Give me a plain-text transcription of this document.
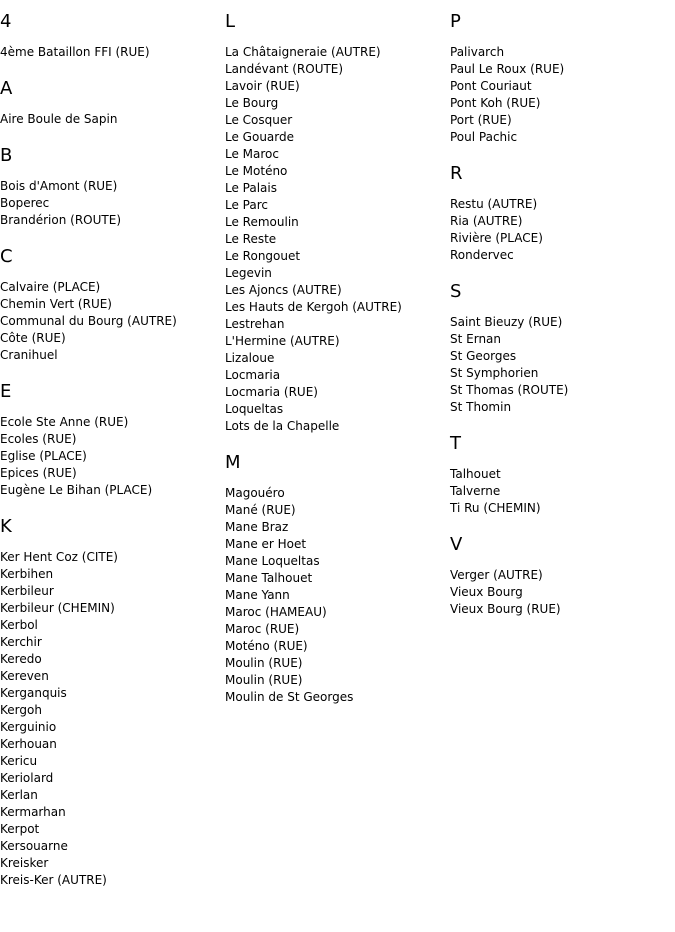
4
4ème Bataillon FFI (RUE)
A
Aire Boule de Sapin
B
Bois d'Amont (RUE)
Boperec
Brandérion (ROUTE)
C
Calvaire (PLACE)
Chemin Vert (RUE)
Communal du Bourg (AUTRE)
Côte (RUE)
Cranihuel
E
Ecole Ste Anne (RUE)
Ecoles (RUE)
Eglise (PLACE)
Epices (RUE)
Eugène Le Bihan (PLACE)
K
Ker Hent Coz (CITE)
Kerbihen
Kerbileur
Kerbileur (CHEMIN)
Kerbol
Kerchir
Keredo
Kereven
Kerganquis
Kergoh
Kerguinio
Kerhouan
Kericu
Keriolard
Kerlan
Kermarhan
Kerpot
Kersouarne
Kreisker
Kreis-Ker (AUTRE)
L
La Châtaigneraie (AUTRE)
Landévant (ROUTE)
Lavoir (RUE)
Le Bourg
Le Cosquer
Le Gouarde
Le Maroc
Le Moténo
Le Palais
Le Parc
Le Remoulin
Le Reste
Le Rongouet
Legevin
Les Ajoncs (AUTRE)
Les Hauts de Kergoh (AUTRE)
Lestrehan
L'Hermine (AUTRE)
Lizaloue
Locmaria
Locmaria (RUE)
Loqueltas
Lots de la Chapelle
M
Magouéro
Mané (RUE)
Mane Braz
Mane er Hoet
Mane Loqueltas
Mane Talhouet
Mane Yann
Maroc (HAMEAU)
Maroc (RUE)
Moténo (RUE)
Moulin (RUE)
Moulin (RUE)
Moulin de St Georges
P
Palivarch
Paul Le Roux (RUE)
Pont Couriaut
Pont Koh (RUE)
Port (RUE)
Poul Pachic
R
Restu (AUTRE)
Ria (AUTRE)
Rivière (PLACE)
Rondervec
S
Saint Bieuzy (RUE)
St Ernan
St Georges
St Symphorien
St Thomas (ROUTE)
St Thomin
T
Talhouet
Talverne
Ti Ru (CHEMIN)
V
Verger (AUTRE)
Vieux Bourg
Vieux Bourg (RUE)
